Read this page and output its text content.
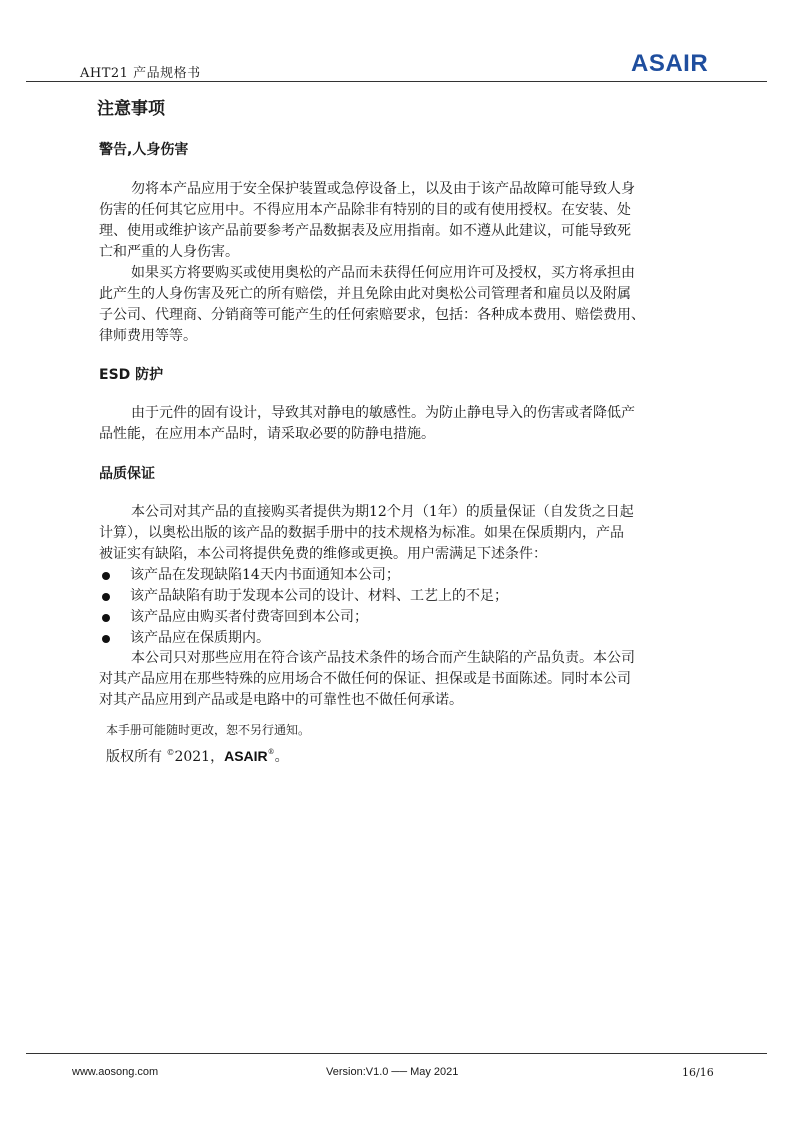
AHT21 产品规格书	ASAIR
注意事项
警告,人身伤害
勿将本产品应用于安全保护装置或急停设备上，以及由于该产品故障可能导致人身
伤害的任何其它应用中。不得应用本产品除非有特别的目的或有使用授权。在安装、处
理、使用或维护该产品前要参考产品数据表及应用指南。如不遵从此建议，可能导致死
亡和严重的人身伤害。
如果买方将要购买或使用奥松的产品而未获得任何应用许可及授权，买方将承担由
此产生的人身伤害及死亡的所有赔偿，并且免除由此对奥松公司管理者和雇员以及附属
子公司、代理商、分销商等可能产生的任何索赔要求，包括：各种成本费用、赔偿费用、
律师费用等等。
ESD 防护
由于元件的固有设计，导致其对静电的敏感性。为防止静电导入的伤害或者降低产
品性能，在应用本产品时，请采取必要的防静电措施。
品质保证
本公司对其产品的直接购买者提供为期12个月（1年）的质量保证（自发货之日起
计算），以奥松出版的该产品的数据手册中的技术规格为标准。如果在保质期内，产品
被证实有缺陷，本公司将提供免费的维修或更换。用户需满足下述条件：
该产品在发现缺陷14天内书面通知本公司；
该产品缺陷有助于发现本公司的设计、材料、工艺上的不足；
该产品应由购买者付费寄回到本公司；
该产品应在保质期内。
本公司只对那些应用在符合该产品技术条件的场合而产生缺陷的产品负责。本公司
对其产品应用在那些特殊的应用场合不做任何的保证、担保或是书面陈述。同时本公司
对其产品应用到产品或是电路中的可靠性也不做任何承诺。
本手册可能随时更改，恕不另行通知。
版权所有 ©2021，ASAIR®。
www.aosong.com	Version:V1.0 ── May 2021	16/16
